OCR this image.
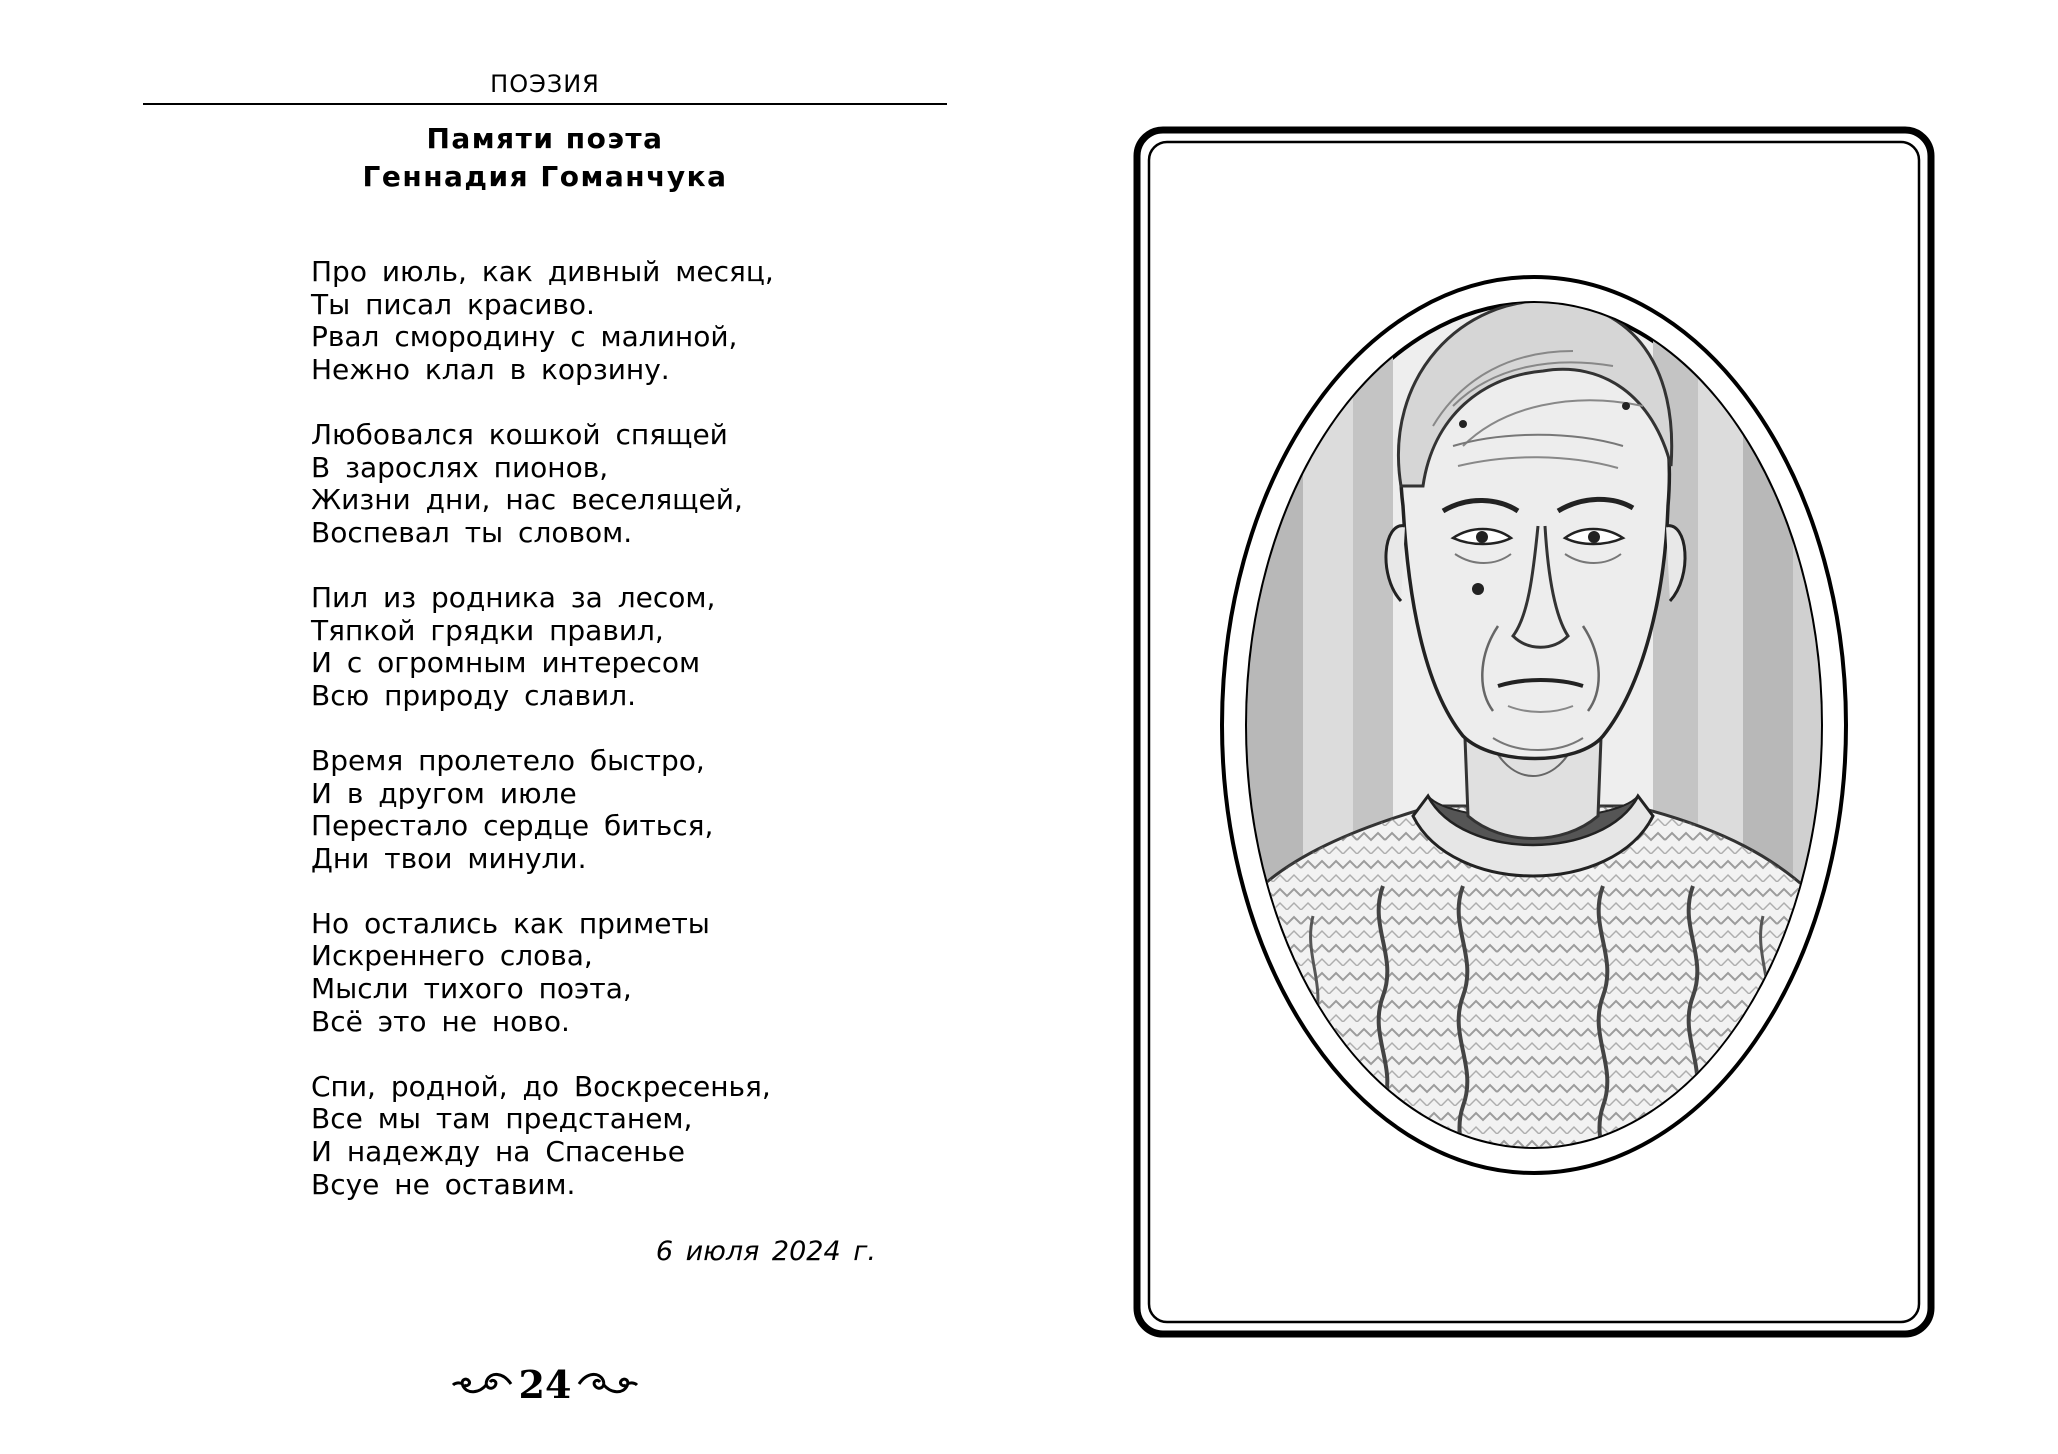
ПОЭЗИЯ
Памяти поэта
Геннадия Гоманчука
Про июль, как дивный месяц,
Ты писал красиво.
Рвал смородину с малиной,
Нежно клал в корзину.
Любовался кошкой спящей
В зарослях пионов,
Жизни дни, нас веселящей,
Воспевал ты словом.
Пил из родника за лесом,
Тяпкой грядки правил,
И с огромным интересом
Всю природу славил.
Время пролетело быстро,
И в другом июле
Перестало сердце биться,
Дни твои минули.
Но остались как приметы
Искреннего слова,
Мысли тихого поэта,
Всё это не ново.
Спи, родной, до Воскресенья,
Все мы там предстанем,
И надежду на Спасенье
Всуе не оставим.
6 июля 2024 г.
24
